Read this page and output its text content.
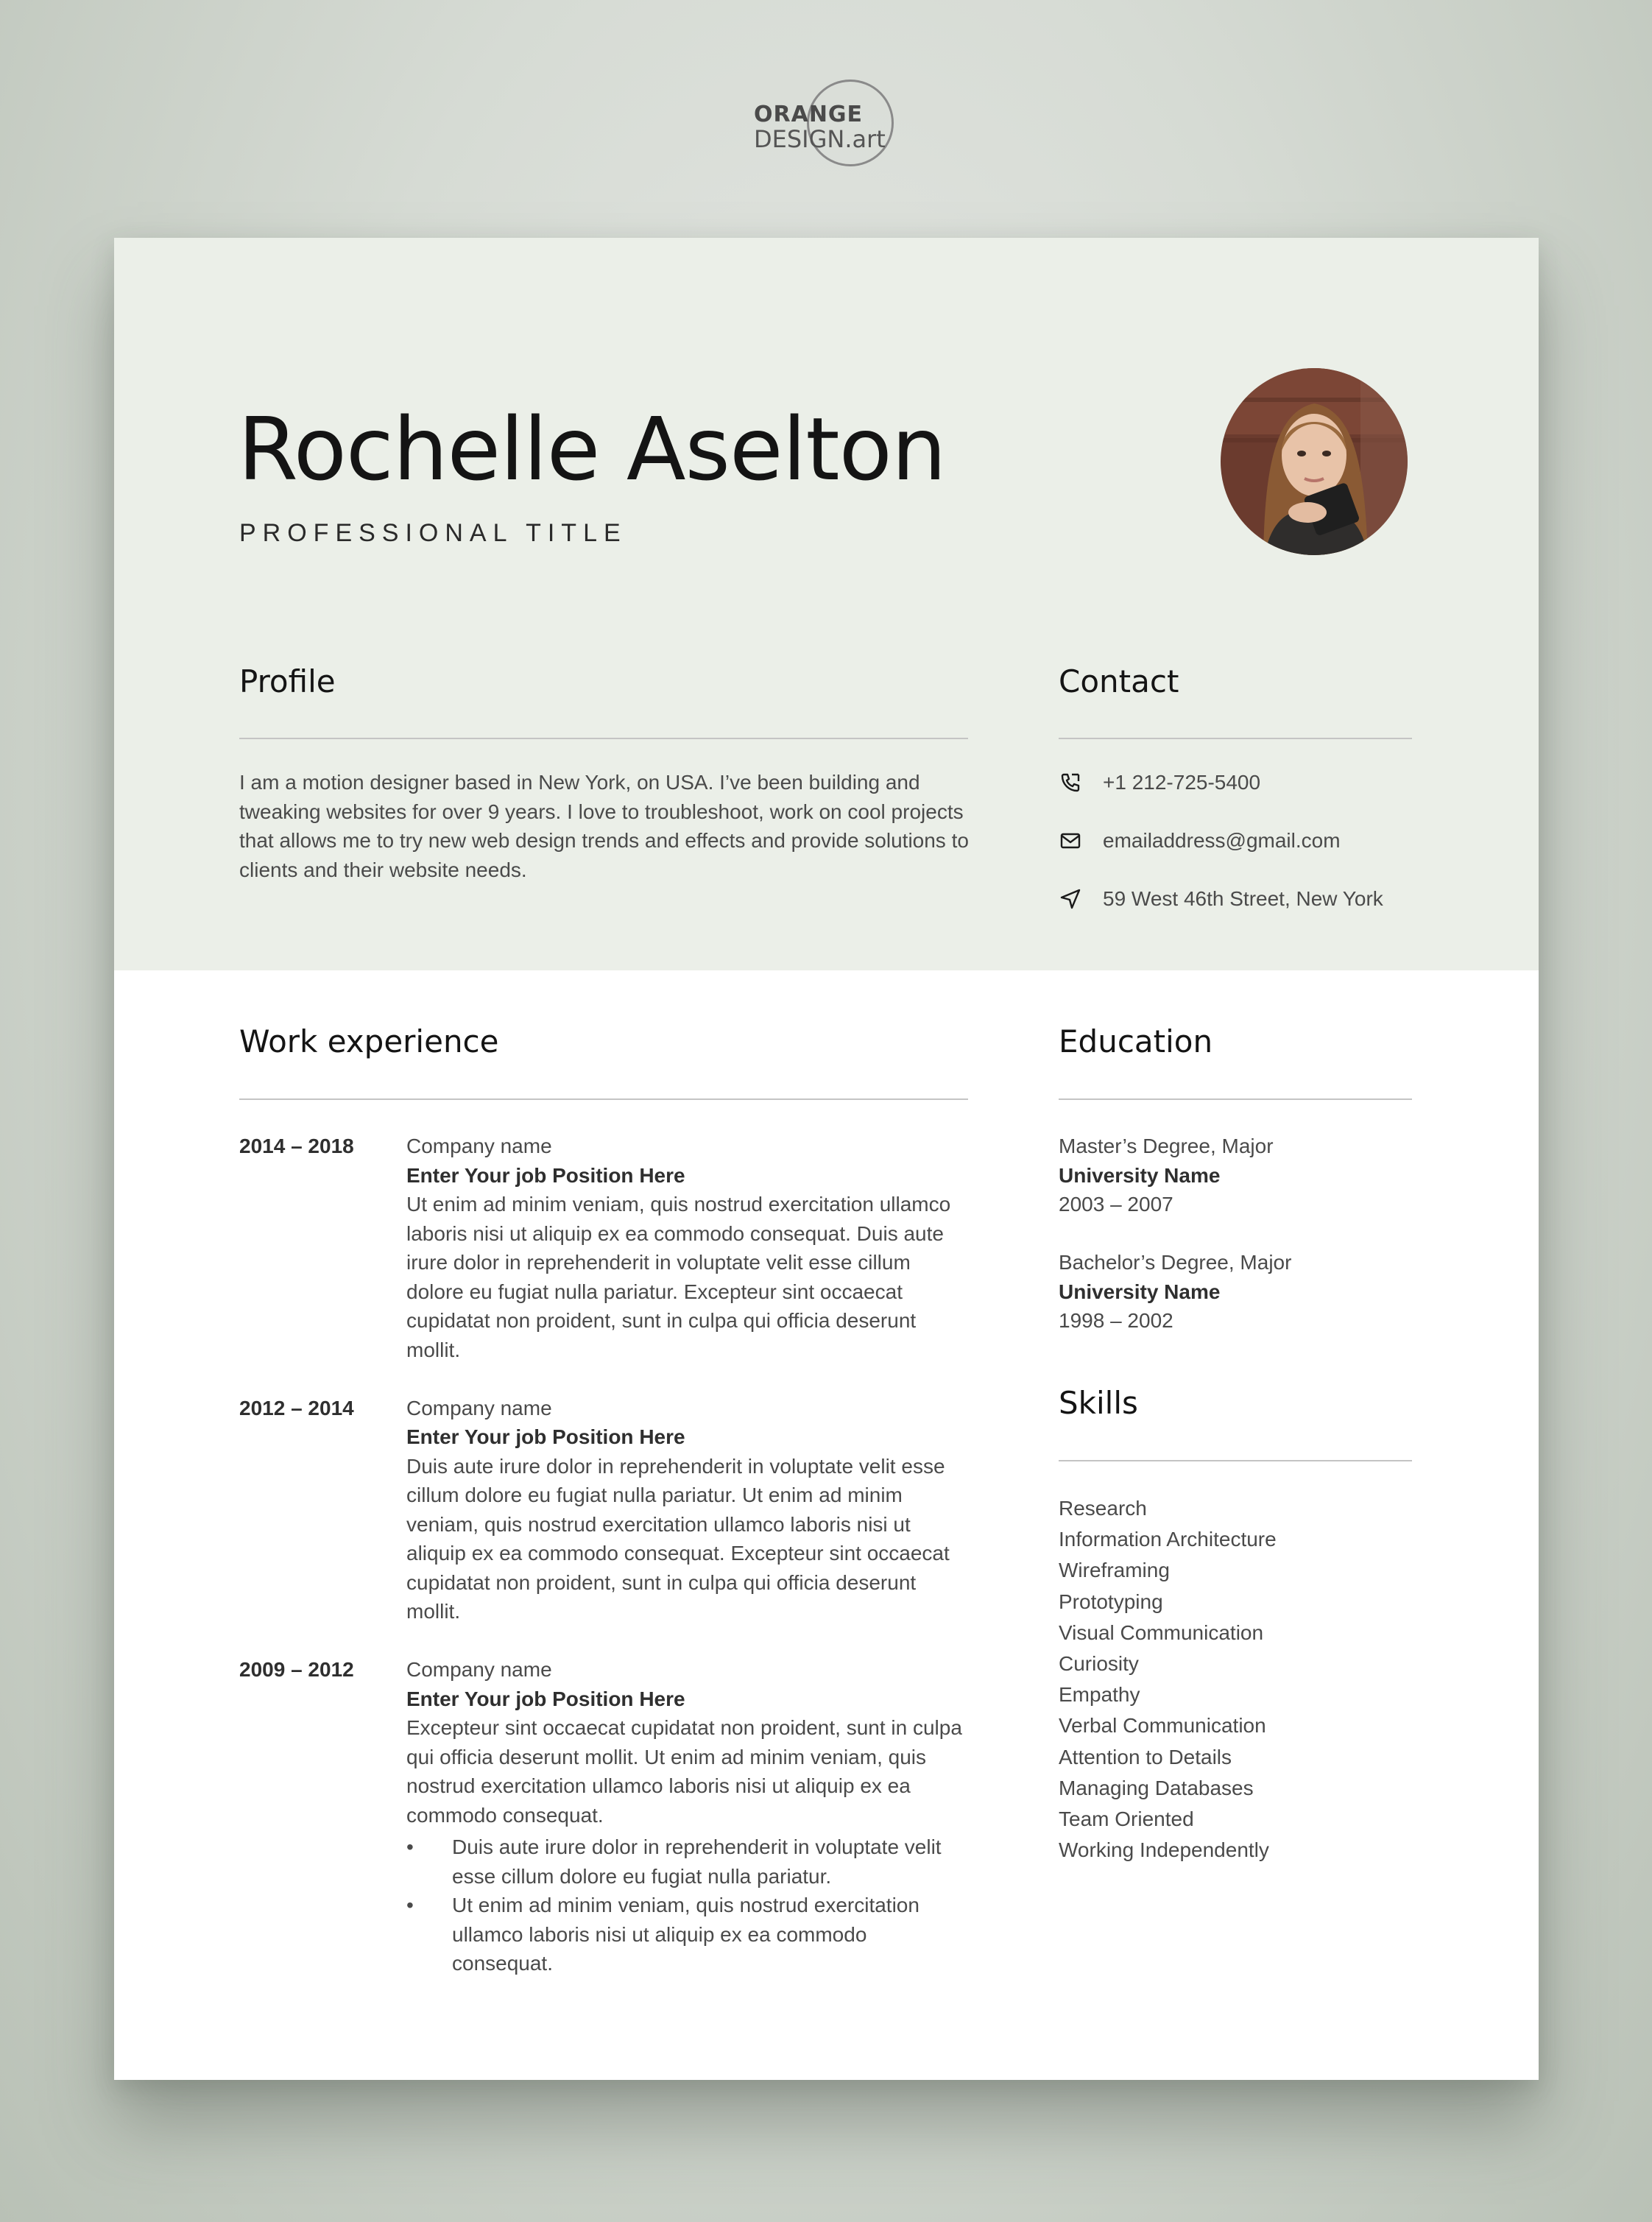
ORANGE
DESIGN.art
Rochelle Aselton
PROFESSIONAL TITLE
Profile

I am a motion designer based in New York, on USA. I’ve been building and tweaking websites for over 9 years. I love to troubleshoot, work on cool projects that allows me to try new web design trends and effects and provide solutions to clients and their website needs.

Contact
+1 212-725-5400
emailaddress@gmail.com
59 West 46th Street, New York
Work experience
2014 – 2018	Company name
Enter Your job Position Here

Ut enim ad minim veniam, quis nostrud exercitation ullamco laboris nisi ut aliquip ex ea commodo consequat. Duis aute irure dolor in reprehenderit in voluptate velit esse cillum dolore eu fugiat nulla pariatur. Excepteur sint occaecat cupidatat non proident, sunt in culpa qui officia deserunt mollit.

2012 – 2014	Company name
Enter Your job Position Here

Duis aute irure dolor in reprehenderit in voluptate velit esse cillum dolore eu fugiat nulla pariatur. Ut enim ad minim veniam, quis nostrud exercitation ullamco laboris nisi ut aliquip ex ea commodo consequat. Excepteur sint occaecat cupidatat non proident, sunt in culpa qui officia deserunt mollit.

2009 – 2012	Company name
Enter Your job Position Here

Excepteur sint occaecat cupidatat non proident, sunt in culpa qui officia deserunt mollit. Ut enim ad minim veniam, quis nostrud exercitation ullamco laboris nisi ut aliquip ex ea commodo consequat.

• Duis aute irure dolor in reprehenderit in voluptate velit esse cillum dolore eu fugiat nulla pariatur.
• Ut enim ad minim veniam, quis nostrud exercitation ullamco laboris nisi ut aliquip ex ea commodo consequat.
Education
Master’s Degree, Major
University Name
2003 – 2007
Bachelor’s Degree, Major
University Name
1998 – 2002
Skills
Research
Information Architecture
Wireframing
Prototyping
Visual Communication
Curiosity
Empathy
Verbal Communication
Attention to Details
Managing Databases
Team Oriented
Working Independently
